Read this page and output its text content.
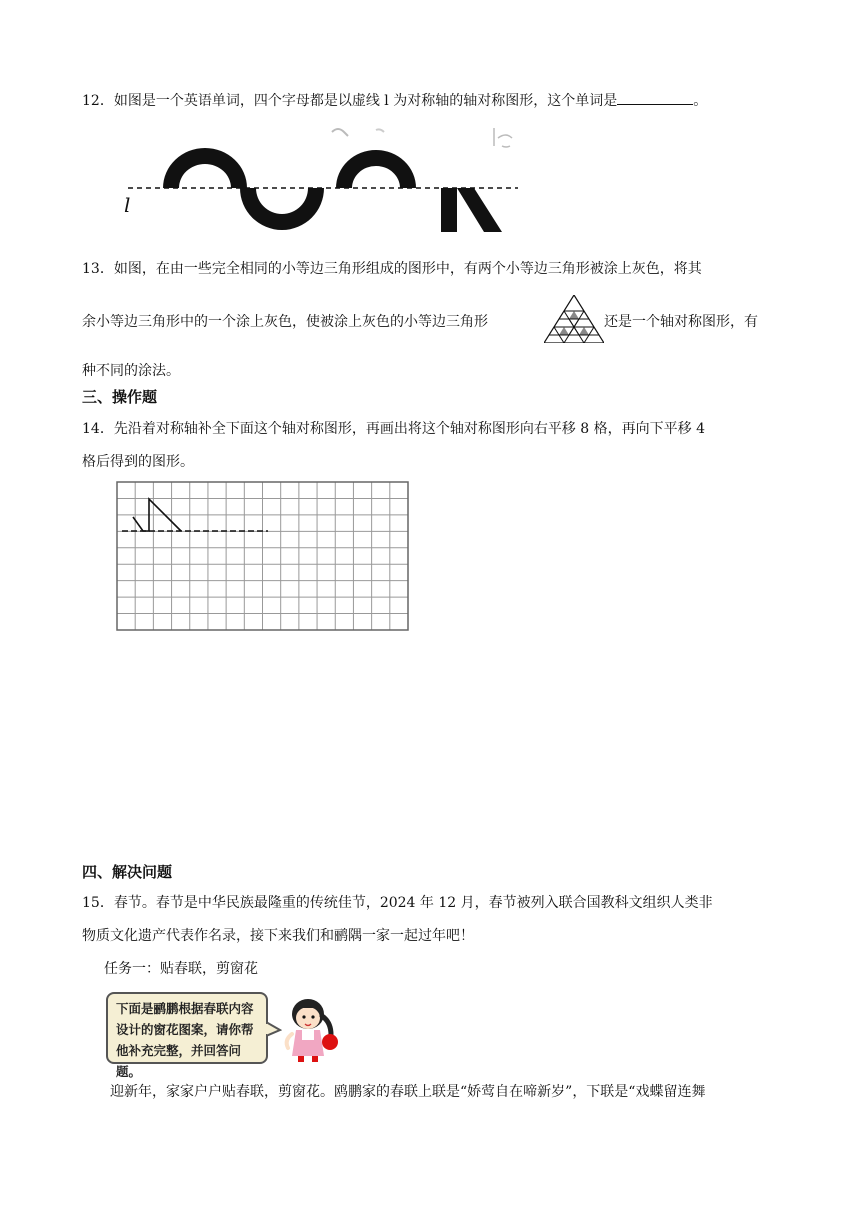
12．如图是一个英语单词，四个字母都是以虚线 l 为对称轴的轴对称图形，这个单词是	。
l
13．如图，在由一些完全相同的小等边三角形组成的图形中，有两个小等边三角形被涂上灰色，将其
余小等边三角形中的一个涂上灰色，使被涂上灰色的小等边三角形	还是一个轴对称图形，有
种不同的涂法。
三、操作题
14．先沿着对称轴补全下面这个轴对称图形，再画出将这个轴对称图形向右平移 8 格，再向下平移 4
格后得到的图形。
四、解决问题
15．春节。春节是中华民族最隆重的传统佳节，2024 年 12 月，春节被列入联合国教科文组织人类非
物质文化遗产代表作名录，接下来我们和鹂隅一家一起过年吧！
任务一：贴春联，剪窗花
下面是鹂鹏根据春联内容
设计的窗花图案，请你帮
他补充完整，并回答问题。
迎新年，家家户户贴春联，剪窗花。鸥鹏家的春联上联是“娇莺自在啼新岁”，下联是“戏蝶留连舞
